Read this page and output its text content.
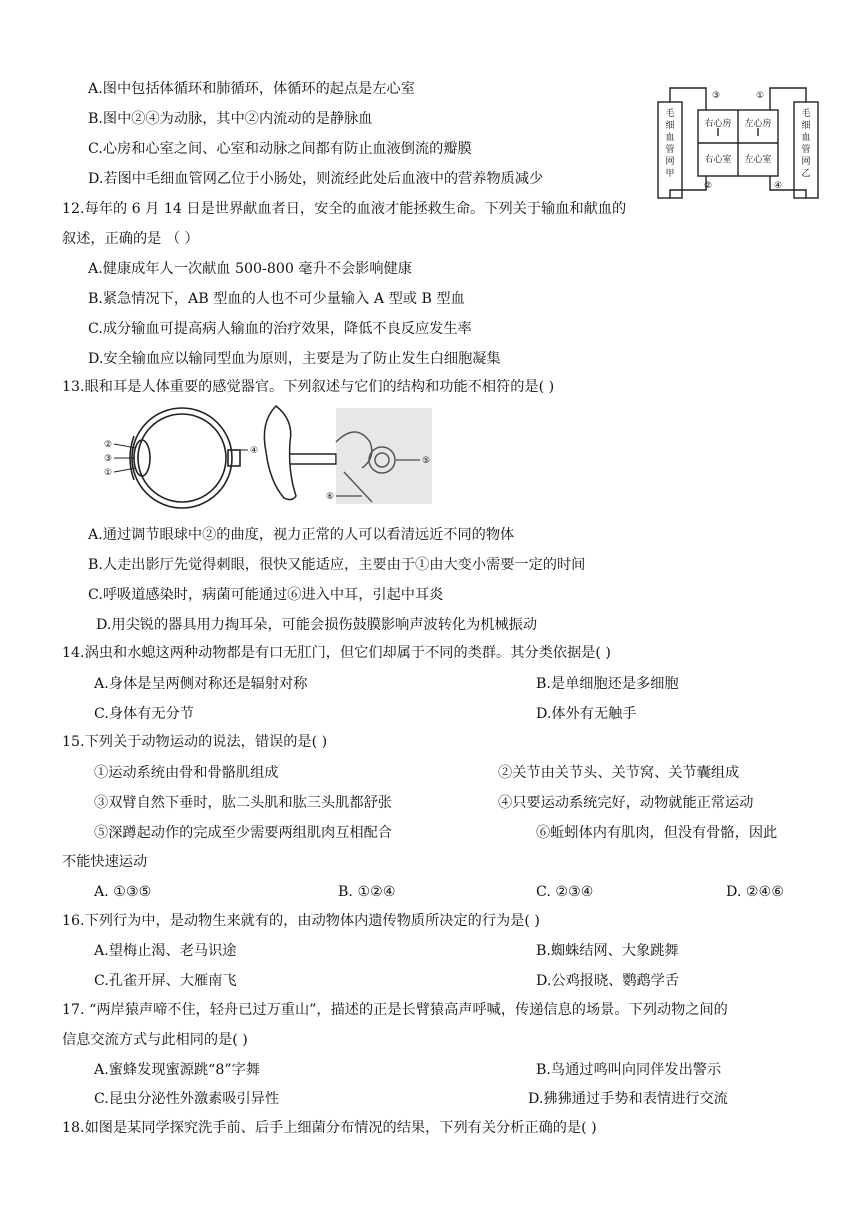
A.图中包括体循环和肺循环，体循环的起点是左心室
B.图中②④为动脉，其中②内流动的是静脉血
C.心房和心室之间、心室和动脉之间都有防止血液倒流的瓣膜
D.若图中毛细血管网乙位于小肠处，则流经此处后血液中的营养物质减少
毛细血管网甲
毛细血管网乙
右心房 左心房
右心室 左心室
③	①
②	④
12.每年的 6 月 14 日是世界献血者日，安全的血液才能拯救生命。下列关于输血和献血的
叙述，正确的是 （ ）
A.健康成年人一次献血 500-800 毫升不会影响健康
B.紧急情况下，AB 型血的人也不可少量输入 A 型或 B 型血
C.成分输血可提高病人输血的治疗效果，降低不良反应发生率
D.安全输血应以输同型血为原则，主要是为了防止发生白细胞凝集
13.眼和耳是人体重要的感觉器官。下列叙述与它们的结构和功能不相符的是( )
②
③
①
④
⑤
⑥
A.通过调节眼球中②的曲度，视力正常的人可以看清远近不同的物体
B.人走出影厅先觉得刺眼，很快又能适应，主要由于①由大变小需要一定的时间
C.呼吸道感染时，病菌可能通过⑥进入中耳，引起中耳炎
D.用尖锐的器具用力掏耳朵，可能会损伤鼓膜影响声波转化为机械振动
14.涡虫和水螅这两种动物都是有口无肛门，但它们却属于不同的类群。其分类依据是( )
A.身体是呈两侧对称还是辐射对称	B.是单细胞还是多细胞
C.身体有无分节	D.体外有无触手
15.下列关于动物运动的说法，错误的是( )
①运动系统由骨和骨骼肌组成	②关节由关节头、关节窝、关节囊组成
③双臂自然下垂时，肱二头肌和肱三头肌都舒张	④只要运动系统完好，动物就能正常运动
⑤深蹲起动作的完成至少需要两组肌肉互相配合	⑥蚯蚓体内有肌肉，但没有骨骼，因此
不能快速运动
A. ①③⑤	B. ①②④	C. ②③④	D. ②④⑥
16.下列行为中，是动物生来就有的，由动物体内遗传物质所决定的行为是( )
A.望梅止渴、老马识途	B.蜘蛛结网、大象跳舞
C.孔雀开屏、大雁南飞	D.公鸡报晓、鹦鹉学舌
17. “两岸猿声啼不住，轻舟已过万重山”，描述的正是长臂猿高声呼喊，传递信息的场景。下列动物之间的
信息交流方式与此相同的是( )
A.蜜蜂发现蜜源跳“8”字舞	B.鸟通过鸣叫向同伴发出警示
C.昆虫分泌性外激素吸引异性	D.狒狒通过手势和表情进行交流
18.如图是某同学探究洗手前、后手上细菌分布情况的结果，下列有关分析正确的是( )
